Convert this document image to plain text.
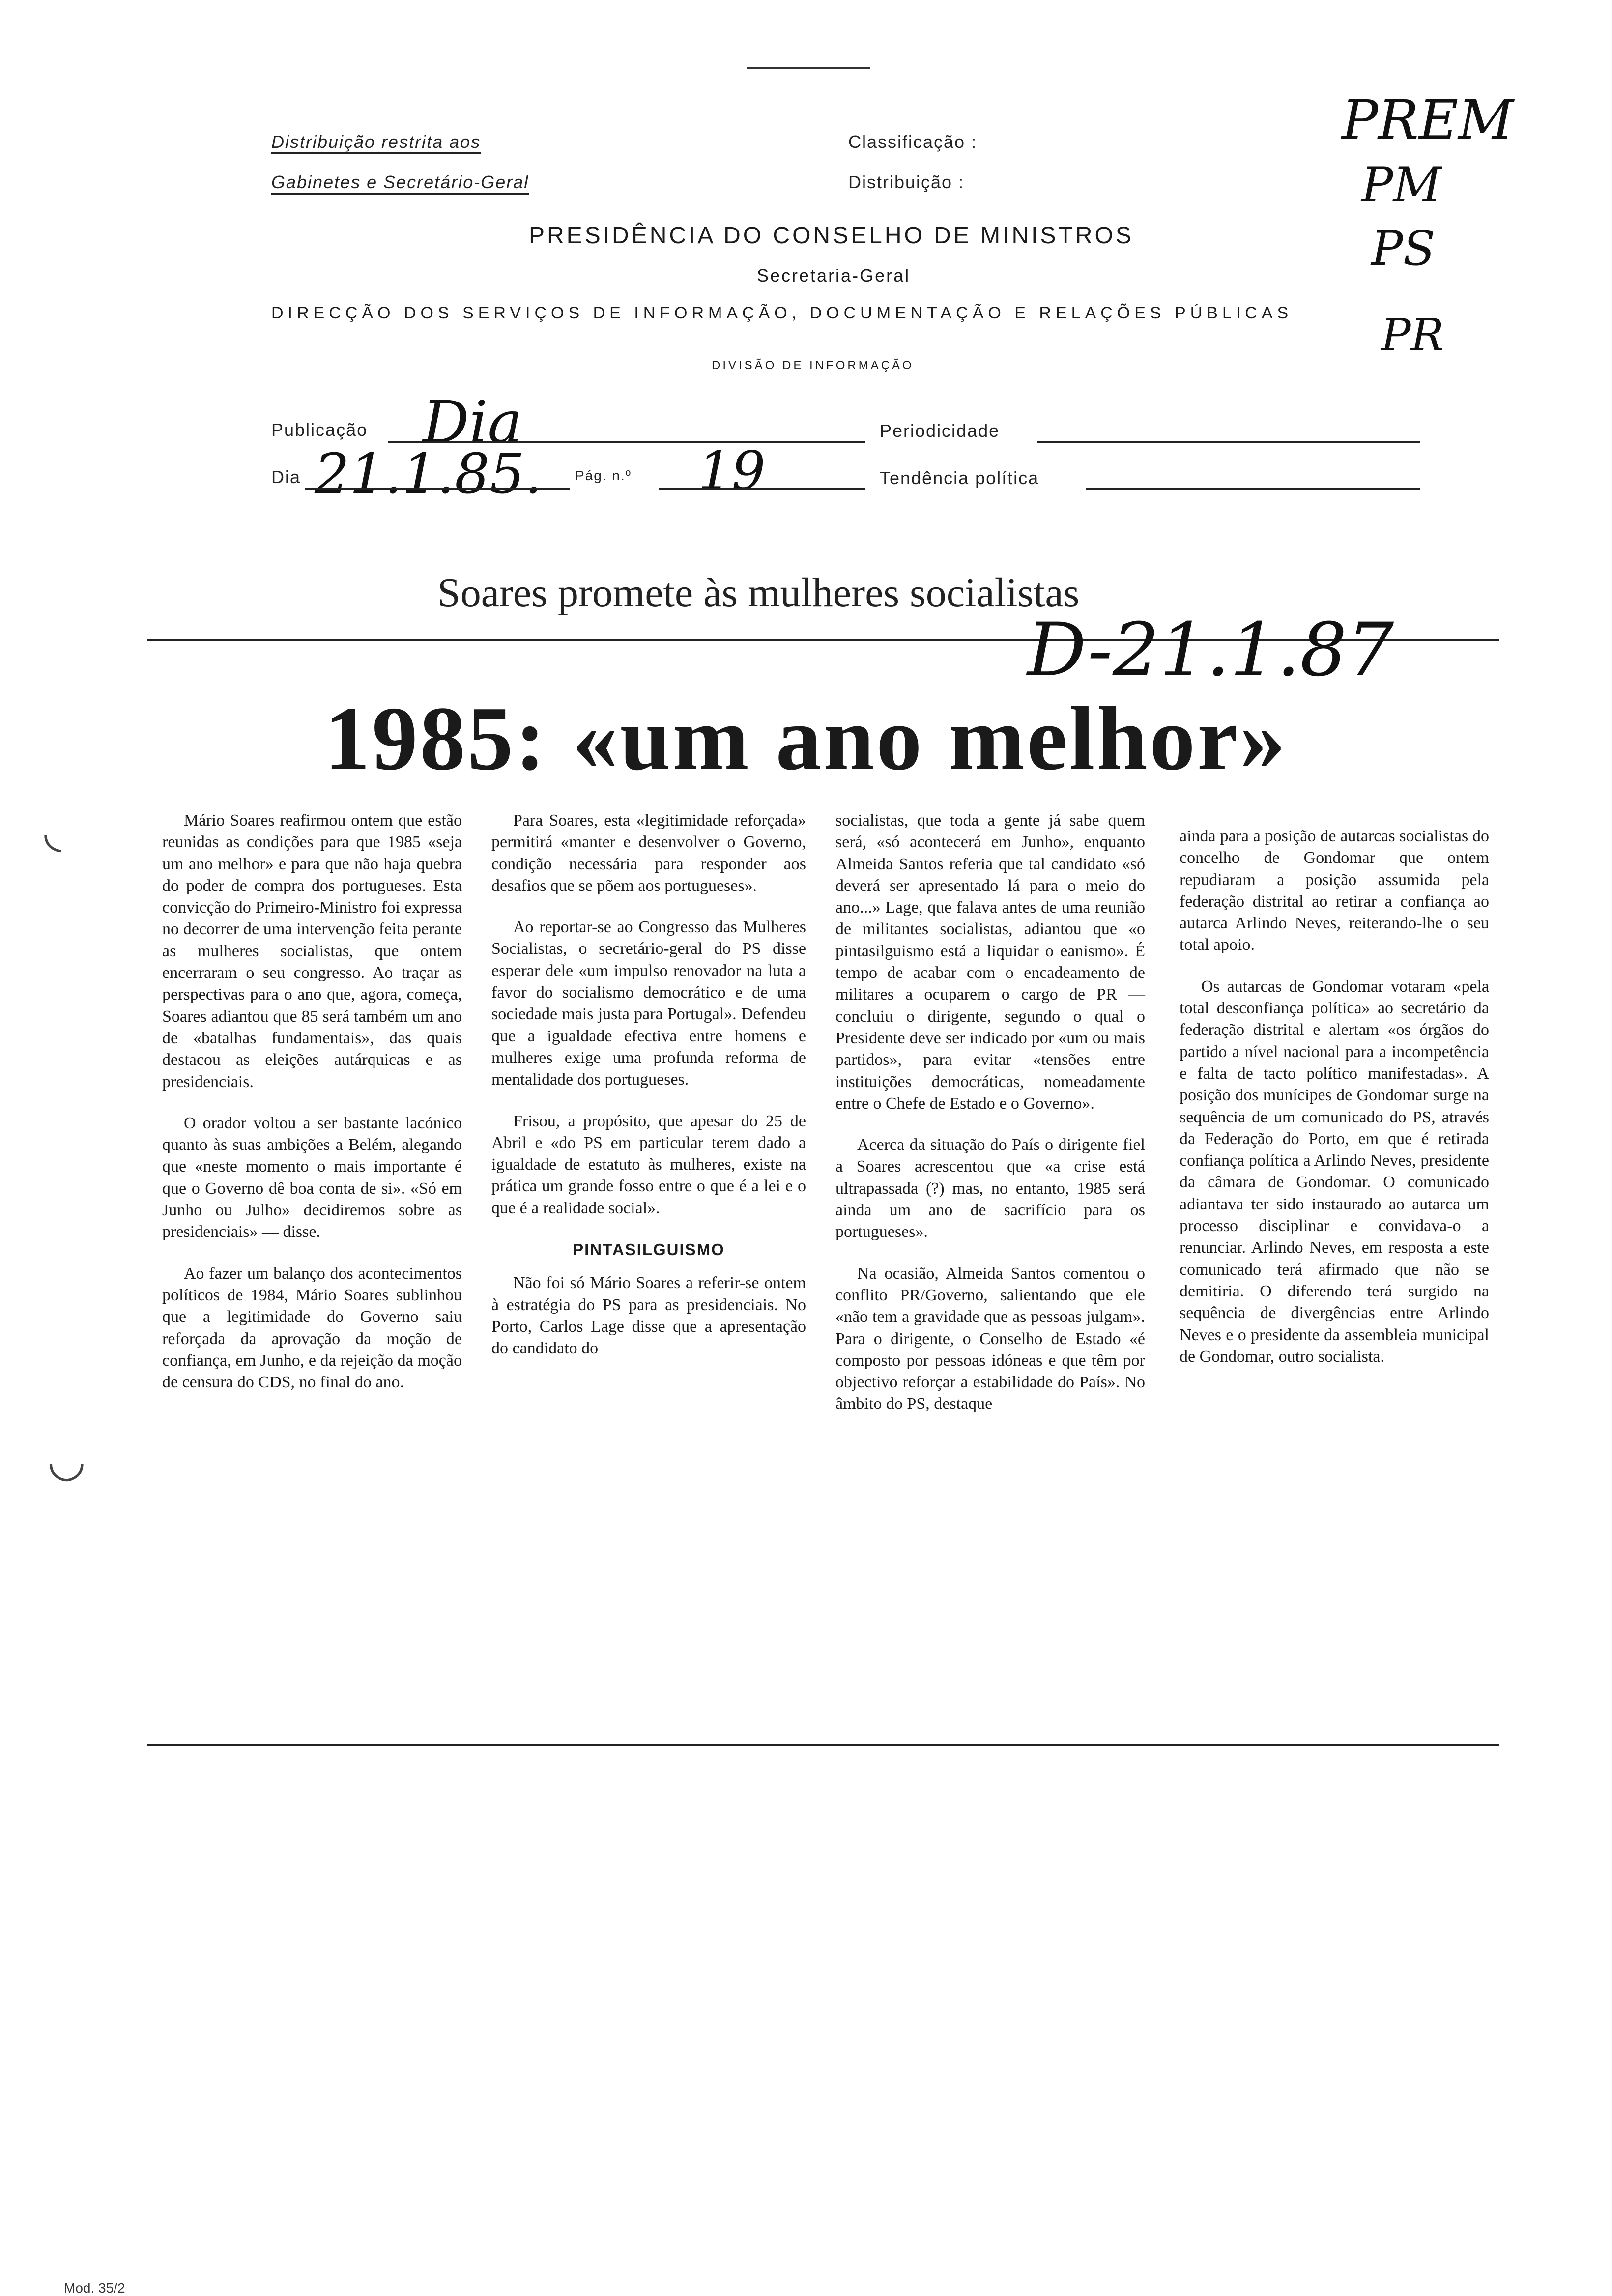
Distribuição restrita aos
Gabinetes e Secretário-Geral
Classificação :
Distribuição :
PREM
PM
PS
PR
PRESIDÊNCIA DO CONSELHO DE MINISTROS
Secretaria-Geral
DIRECÇÃO DOS SERVIÇOS DE INFORMAÇÃO, DOCUMENTAÇÃO E RELAÇÕES PÚBLICAS
DIVISÃO DE INFORMAÇÃO
Publicação Dia	Periodicidade
Dia 21.1.85. Pág. n.º 19	Tendência política
Soares promete às mulheres socialistas
D-21.1.87
1985: «um ano melhor»
◟
◡

Mário Soares reafirmou ontem que estão reunidas as condições para que 1985 «seja um ano melhor» e para que não haja quebra do poder de compra dos portugueses. Esta convicção do Primeiro-Ministro foi expressa no decorrer de uma intervenção feita perante as mulheres socialistas, que ontem encerraram o seu congresso. Ao traçar as perspectivas para o ano que, agora, começa, Soares adiantou que 85 será também um ano de «batalhas fundamentais», das quais destacou as eleições autárquicas e as presidenciais.

O orador voltou a ser bastante lacónico quanto às suas ambições a Belém, alegando que «neste momento o mais importante é que o Governo dê boa conta de si». «Só em Junho ou Julho» decidiremos sobre as presidenciais» — disse.

Ao fazer um balanço dos acontecimentos políticos de 1984, Mário Soares sublinhou que a legitimidade do Governo saiu reforçada da aprovação da moção de confiança, em Junho, e da rejeição da moção de censura do CDS, no final do ano.

Para Soares, esta «legitimidade reforçada» permitirá «manter e desenvolver o Governo, condição necessária para responder aos desafios que se põem aos portugueses».

Ao reportar-se ao Congresso das Mulheres Socialistas, o secretário-geral do PS disse esperar dele «um impulso renovador na luta a favor do socialismo democrático e de uma sociedade mais justa para Portugal». Defendeu que a igualdade efectiva entre homens e mulheres exige uma profunda reforma de mentalidade dos portugueses.

Frisou, a propósito, que apesar do 25 de Abril e «do PS em particular terem dado a igualdade de estatuto às mulheres, existe na prática um grande fosso entre o que é a lei e o que é a realidade social».

PINTASILGUISMO

Não foi só Mário Soares a referir-se ontem à estratégia do PS para as presidenciais. No Porto, Carlos Lage disse que a apresentação do candidato do

socialistas, que toda a gente já sabe quem será, «só acontecerá em Junho», enquanto Almeida Santos referia que tal candidato «só deverá ser apresentado lá para o meio do ano...» Lage, que falava antes de uma reunião de militantes socialistas, adiantou que «o pintasilguismo está a liquidar o eanismo». É tempo de acabar com o encadeamento de militares a ocuparem o cargo de PR — concluiu o dirigente, segundo o qual o Presidente deve ser indicado por «um ou mais partidos», para evitar «tensões entre instituições democráticas, nomeadamente entre o Chefe de Estado e o Governo».

Acerca da situação do País o dirigente fiel a Soares acrescentou que «a crise está ultrapassada (?) mas, no entanto, 1985 será ainda um ano de sacrifício para os portugueses».

Na ocasião, Almeida Santos comentou o conflito PR/Governo, salientando que ele «não tem a gravidade que as pessoas julgam». Para o dirigente, o Conselho de Estado «é composto por pessoas idóneas e que têm por objectivo reforçar a estabilidade do País». No âmbito do PS, destaque

ainda para a posição de autarcas socialistas do concelho de Gondomar que ontem repudiaram a posição assumida pela federação distrital ao retirar a confiança ao autarca Arlindo Neves, reiterando-lhe o seu total apoio.

Os autarcas de Gondomar votaram «pela total desconfiança política» ao secretário da federação distrital e alertam «os órgãos do partido a nível nacional para a incompetência e falta de tacto político manifestadas». A posição dos munícipes de Gondomar surge na sequência de um comunicado do PS, através da Federação do Porto, em que é retirada confiança política a Arlindo Neves, presidente da câmara de Gondomar. O comunicado adiantava ter sido instaurado ao autarca um processo disciplinar e convidava-o a renunciar. Arlindo Neves, em resposta a este comunicado terá afirmado que não se demitiria. O diferendo terá surgido na sequência de divergências entre Arlindo Neves e o presidente da assembleia municipal de Gondomar, outro socialista.

Mod. 35/2
